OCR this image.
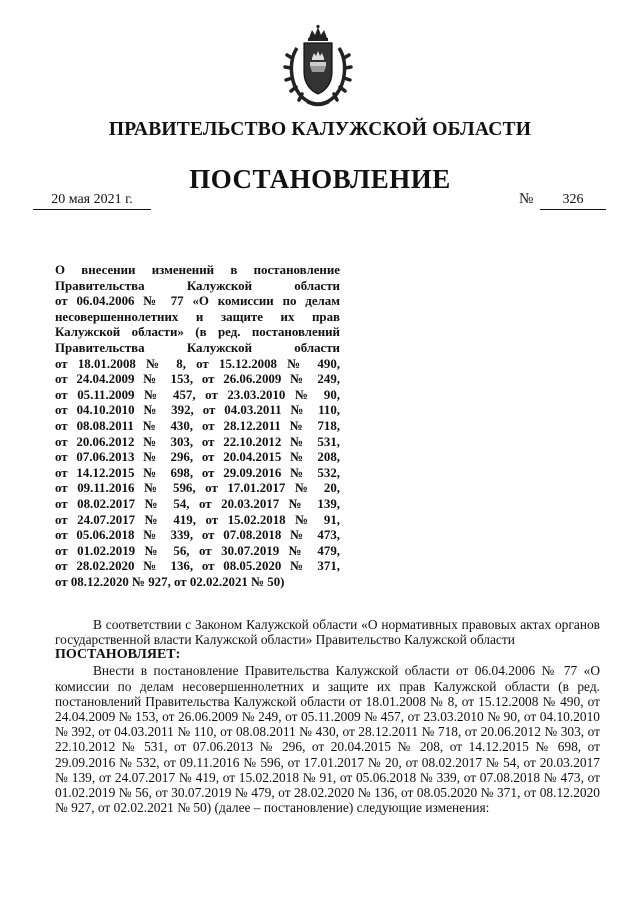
ПРАВИТЕЛЬСТВО КАЛУЖСКОЙ ОБЛАСТИ
ПОСТАНОВЛЕНИЕ
20 мая 2021 г.	№	326
О внесении изменений в постановление
Правительства Калужской области
от 06.04.2006 № 77 «О комиссии по делам
несовершеннолетних и защите их прав
Калужской области» (в ред. постановлений
Правительства Калужской области
от 18.01.2008 № 8, от 15.12.2008 № 490,
от 24.04.2009 № 153, от 26.06.2009 № 249,
от 05.11.2009 № 457, от 23.03.2010 № 90,
от 04.10.2010 № 392, от 04.03.2011 № 110,
от 08.08.2011 № 430, от 28.12.2011 № 718,
от 20.06.2012 № 303, от 22.10.2012 № 531,
от 07.06.2013 № 296, от 20.04.2015 № 208,
от 14.12.2015 № 698, от 29.09.2016 № 532,
от 09.11.2016 № 596, от 17.01.2017 № 20,
от 08.02.2017 № 54, от 20.03.2017 № 139,
от 24.07.2017 № 419, от 15.02.2018 № 91,
от 05.06.2018 № 339, от 07.08.2018 № 473,
от 01.02.2019 № 56, от 30.07.2019 № 479,
от 28.02.2020 № 136, от 08.05.2020 № 371,
от 08.12.2020 № 927, от 02.02.2021 № 50)

В соответствии с Законом Калужской области «О нормативных правовых актах органов государственной власти Калужской области» Правительство Калужской области

ПОСТАНОВЛЯЕТ:

Внести в постановление Правительства Калужской области от 06.04.2006 № 77 «О комиссии по делам несовершеннолетних и защите их прав Калужской области (в ред. постановлений Правительства Калужской области от 18.01.2008 № 8, от 15.12.2008 № 490, от 24.04.2009 № 153, от 26.06.2009 № 249, от 05.11.2009 № 457, от 23.03.2010 № 90, от 04.10.2010 № 392, от 04.03.2011 № 110, от 08.08.2011 № 430, от 28.12.2011 № 718, от 20.06.2012 № 303, от 22.10.2012 № 531, от 07.06.2013 № 296, от 20.04.2015 № 208, от 14.12.2015 № 698, от 29.09.2016 № 532, от 09.11.2016 № 596, от 17.01.2017 № 20, от 08.02.2017 № 54, от 20.03.2017 № 139, от 24.07.2017 № 419, от 15.02.2018 № 91, от 05.06.2018 № 339, от 07.08.2018 № 473, от 01.02.2019 № 56, от 30.07.2019 № 479, от 28.02.2020 № 136, от 08.05.2020 № 371, от 08.12.2020 № 927, от 02.02.2021 № 50) (далее – постановление) следующие изменения:
